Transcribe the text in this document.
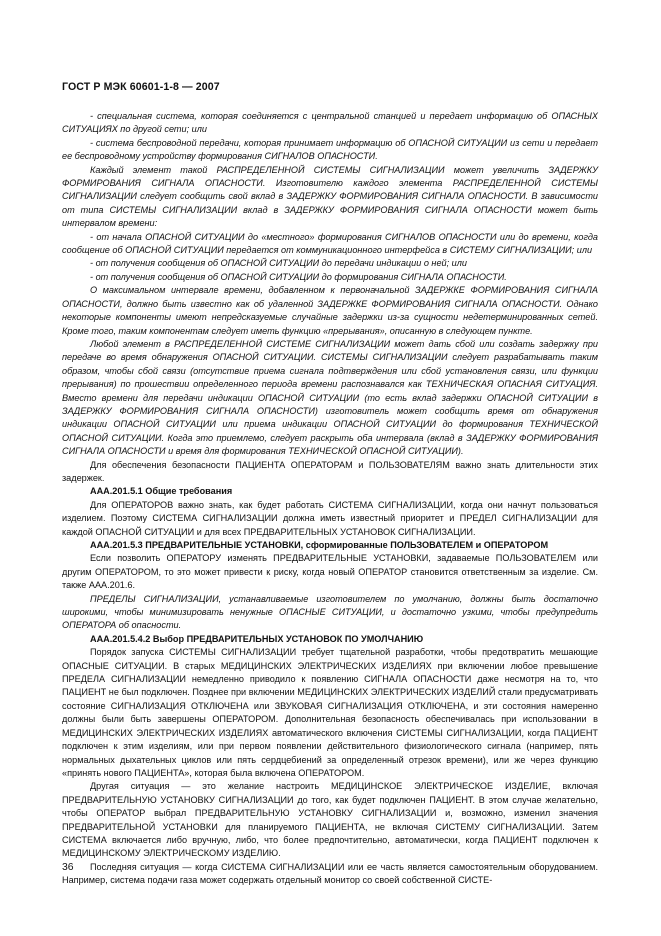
ГОСТ Р МЭК 60601-1-8 — 2007

- специальная система, которая соединяется с центральной станцией и передает информацию об ОПАСНЫХ СИТУАЦИЯХ по другой сети; или

- система беспроводной передачи, которая принимает информацию об ОПАСНОЙ СИТУАЦИИ из сети и передает ее беспроводному устройству формирования СИГНАЛОВ ОПАСНОСТИ.

Каждый элемент такой РАСПРЕДЕЛЕННОЙ СИСТЕМЫ СИГНАЛИЗАЦИИ может увеличить ЗАДЕРЖКУ ФОРМИРОВАНИЯ СИГНАЛА ОПАСНОСТИ. Изготовителю каждого элемента РАСПРЕДЕЛЕННОЙ СИСТЕМЫ СИГНАЛИЗАЦИИ следует сообщить свой вклад в ЗАДЕРЖКУ ФОРМИРОВАНИЯ СИГНАЛА ОПАСНОСТИ. В зависимости от типа СИСТЕМЫ СИГНАЛИЗАЦИИ вклад в ЗАДЕРЖКУ ФОРМИРОВАНИЯ СИГНАЛА ОПАСНОСТИ может быть интервалом времени:

- от начала ОПАСНОЙ СИТУАЦИИ до «местного» формирования СИГНАЛОВ ОПАСНОСТИ или до времени, когда сообщение об ОПАСНОЙ СИТУАЦИИ передается от коммуникационного интерфейса в СИСТЕМУ СИГНАЛИЗАЦИИ; или

- от получения сообщения об ОПАСНОЙ СИТУАЦИИ до передачи индикации о ней; или

- от получения сообщения об ОПАСНОЙ СИТУАЦИИ до формирования СИГНАЛА ОПАСНОСТИ.

О максимальном интервале времени, добавленном к первоначальной ЗАДЕРЖКЕ ФОРМИРОВАНИЯ СИГНАЛА ОПАСНОСТИ, должно быть известно как об удаленной ЗАДЕРЖКЕ ФОРМИРОВАНИЯ СИГНАЛА ОПАСНОСТИ. Однако некоторые компоненты имеют непредсказуемые случайные задержки из-за сущности недетерминированных сетей. Кроме того, таким компонентам следует иметь функцию «прерывания», описанную в следующем пункте.

Любой элемент в РАСПРЕДЕЛЕННОЙ СИСТЕМЕ СИГНАЛИЗАЦИИ может дать сбой или создать задержку при передаче во время обнаружения ОПАСНОЙ СИТУАЦИИ. СИСТЕМЫ СИГНАЛИЗАЦИИ следует разрабатывать таким образом, чтобы сбой связи (отсутствие приема сигнала подтверждения или сбой установления связи, или функции прерывания) по прошествии определенного периода времени распознавался как ТЕХНИЧЕСКАЯ ОПАСНАЯ СИТУАЦИЯ. Вместо времени для передачи индикации ОПАСНОЙ СИТУАЦИИ (то есть вклад задержки ОПАСНОЙ СИТУАЦИИ в ЗАДЕРЖКУ ФОРМИРОВАНИЯ СИГНАЛА ОПАСНОСТИ) изготовитель может сообщить время от обнаружения индикации ОПАСНОЙ СИТУАЦИИ или приема индикации ОПАСНОЙ СИТУАЦИИ до формирования ТЕХНИЧЕСКОЙ ОПАСНОЙ СИТУАЦИИ. Когда это приемлемо, следует раскрыть оба интервала (вклад в ЗАДЕРЖКУ ФОРМИРОВАНИЯ СИГНАЛА ОПАСНОСТИ и время для формирования ТЕХНИЧЕСКОЙ ОПАСНОЙ СИТУАЦИИ).

Для обеспечения безопасности ПАЦИЕНТА ОПЕРАТОРАМ и ПОЛЬЗОВАТЕЛЯМ важно знать длительности этих задержек.

ААА.201.5.1 Общие требования

Для ОПЕРАТОРОВ важно знать, как будет работать СИСТЕМА СИГНАЛИЗАЦИИ, когда они начнут пользоваться изделием. Поэтому СИСТЕМА СИГНАЛИЗАЦИИ должна иметь известный приоритет и ПРЕДЕЛ СИГНАЛИЗАЦИИ для каждой ОПАСНОЙ СИТУАЦИИ и для всех ПРЕДВАРИТЕЛЬНЫХ УСТАНОВОК СИГНАЛИЗАЦИИ.

ААА.201.5.3 ПРЕДВАРИТЕЛЬНЫЕ УСТАНОВКИ, сформированные ПОЛЬЗОВАТЕЛЕМ и ОПЕРАТОРОМ

Если позволить ОПЕРАТОРУ изменять ПРЕДВАРИТЕЛЬНЫЕ УСТАНОВКИ, задаваемые ПОЛЬЗОВАТЕЛЕМ или другим ОПЕРАТОРОМ, то это может привести к риску, когда новый ОПЕРАТОР становится ответственным за изделие. См. также ААА.201.6.

ПРЕДЕЛЫ СИГНАЛИЗАЦИИ, устанавливаемые изготовителем по умолчанию, должны быть достаточно широкими, чтобы минимизировать ненужные ОПАСНЫЕ СИТУАЦИИ, и достаточно узкими, чтобы предупредить ОПЕРАТОРА об опасности.

ААА.201.5.4.2 Выбор ПРЕДВАРИТЕЛЬНЫХ УСТАНОВОК ПО УМОЛЧАНИЮ

Порядок запуска СИСТЕМЫ СИГНАЛИЗАЦИИ требует тщательной разработки, чтобы предотвратить мешающие ОПАСНЫЕ СИТУАЦИИ. В старых МЕДИЦИНСКИХ ЭЛЕКТРИЧЕСКИХ ИЗДЕЛИЯХ при включении любое превышение ПРЕДЕЛА СИГНАЛИЗАЦИИ немедленно приводило к появлению СИГНАЛА ОПАСНОСТИ даже несмотря на то, что ПАЦИЕНТ не был подключен. Позднее при включении МЕДИЦИНСКИХ ЭЛЕКТРИЧЕСКИХ ИЗДЕЛИЙ стали предусматривать состояние СИГНАЛИЗАЦИЯ ОТКЛЮЧЕНА или ЗВУКОВАЯ СИГНАЛИЗАЦИЯ ОТКЛЮЧЕНА, и эти состояния намеренно должны были быть завершены ОПЕРАТОРОМ. Дополнительная безопасность обеспечивалась при использовании в МЕДИЦИНСКИХ ЭЛЕКТРИЧЕСКИХ ИЗДЕЛИЯХ автоматического включения СИСТЕМЫ СИГНАЛИЗАЦИИ, когда ПАЦИЕНТ подключен к этим изделиям, или при первом появлении действительного физиологического сигнала (например, пять нормальных дыхательных циклов или пять сердцебиений за определенный отрезок времени), или же через функцию «принять нового ПАЦИЕНТА», которая была включена ОПЕРАТОРОМ.

Другая ситуация — это желание настроить МЕДИЦИНСКОЕ ЭЛЕКТРИЧЕСКОЕ ИЗДЕЛИЕ, включая ПРЕДВАРИТЕЛЬНУЮ УСТАНОВКУ СИГНАЛИЗАЦИИ до того, как будет подключен ПАЦИЕНТ. В этом случае желательно, чтобы ОПЕРАТОР выбрал ПРЕДВАРИТЕЛЬНУЮ УСТАНОВКУ СИГНАЛИЗАЦИИ и, возможно, изменил значения ПРЕДВАРИТЕЛЬНОЙ УСТАНОВКИ для планируемого ПАЦИЕНТА, не включая СИСТЕМУ СИГНАЛИЗАЦИИ. Затем СИСТЕМА включается либо вручную, либо, что более предпочтительно, автоматически, когда ПАЦИЕНТ подключен к МЕДИЦИНСКОМУ ЭЛЕКТРИЧЕСКОМУ ИЗДЕЛИЮ.

Последняя ситуация — когда СИСТЕМА СИГНАЛИЗАЦИИ или ее часть является самостоятельным оборудованием. Например, система подачи газа может содержать отдельный монитор со своей собственной СИСТЕ-

36
